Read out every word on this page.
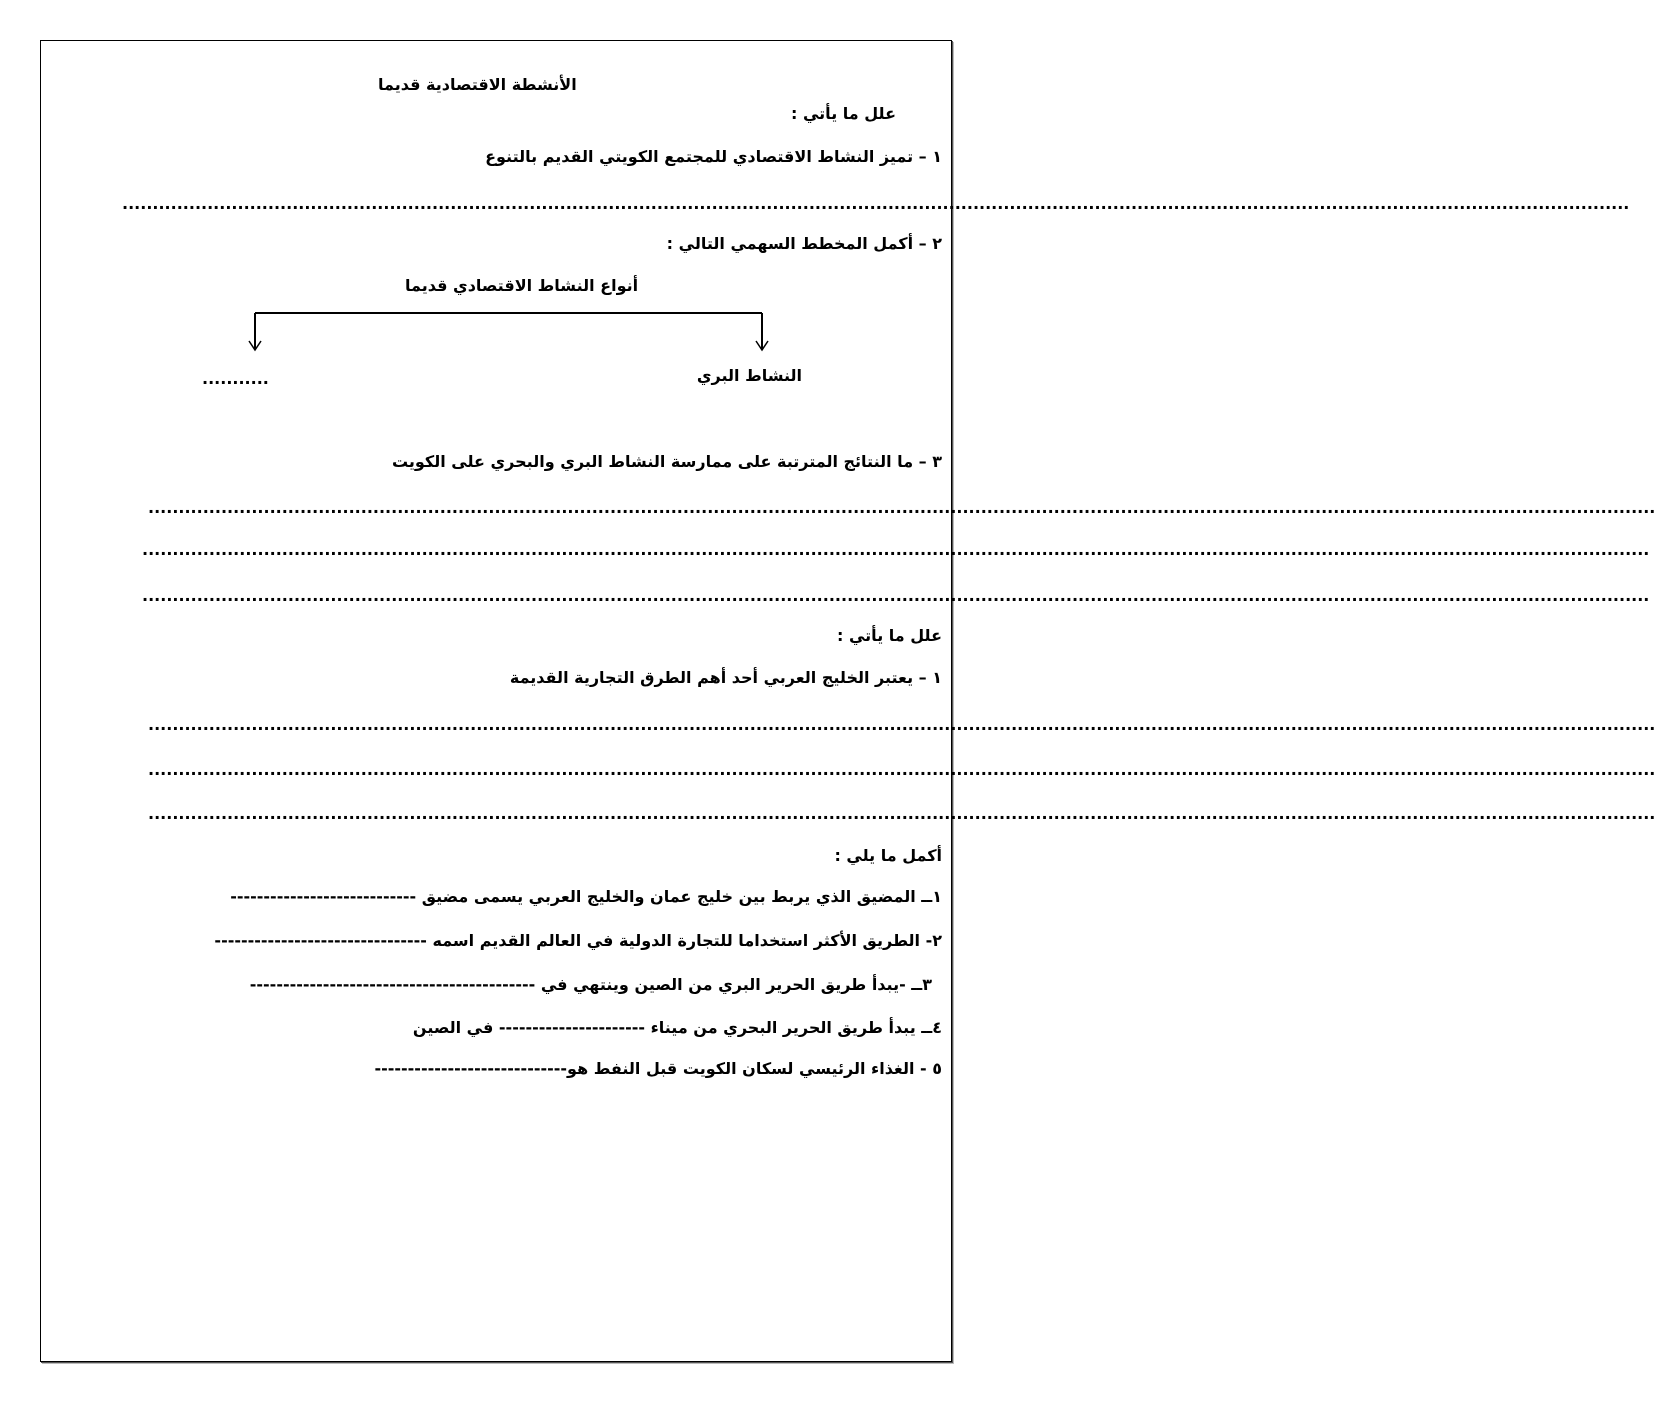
الأنشطة الاقتصادية قديما
علل ما يأتي :
١ – تميز النشاط الاقتصادي للمجتمع الكويتي القديم بالتنوع
........................................................................................................................................................................................................................................................
٢ – أكمل المخطط السهمي التالي :
أنواع النشاط الاقتصادي قديما
النشاط البري
...........
٣ – ما النتائج المترتبة على ممارسة النشاط البري والبحري على الكويت
........................................................................................................................................................................................................................................................
........................................................................................................................................................................................................................................................
........................................................................................................................................................................................................................................................
علل ما يأتي :
١ – يعتبر الخليج العربي أحد أهم الطرق التجارية القديمة
........................................................................................................................................................................................................................................................
........................................................................................................................................................................................................................................................
........................................................................................................................................................................................................................................................
أكمل ما يلي :
١ــ المضيق الذي يربط بين خليج عمان والخليج العربي يسمى مضيق ----------------------------
٢- الطريق الأكثر استخداما للتجارة الدولية في العالم القديم اسمه --------------------------------
٣ــ -يبدأ طريق الحرير البري من الصين وينتهي في -------------------------------------------
٤ــ يبدأ طريق الحرير البحري من ميناء ---------------------- في الصين
٥ - الغذاء الرئيسي لسكان الكويت قبل النفط هو-----------------------------
